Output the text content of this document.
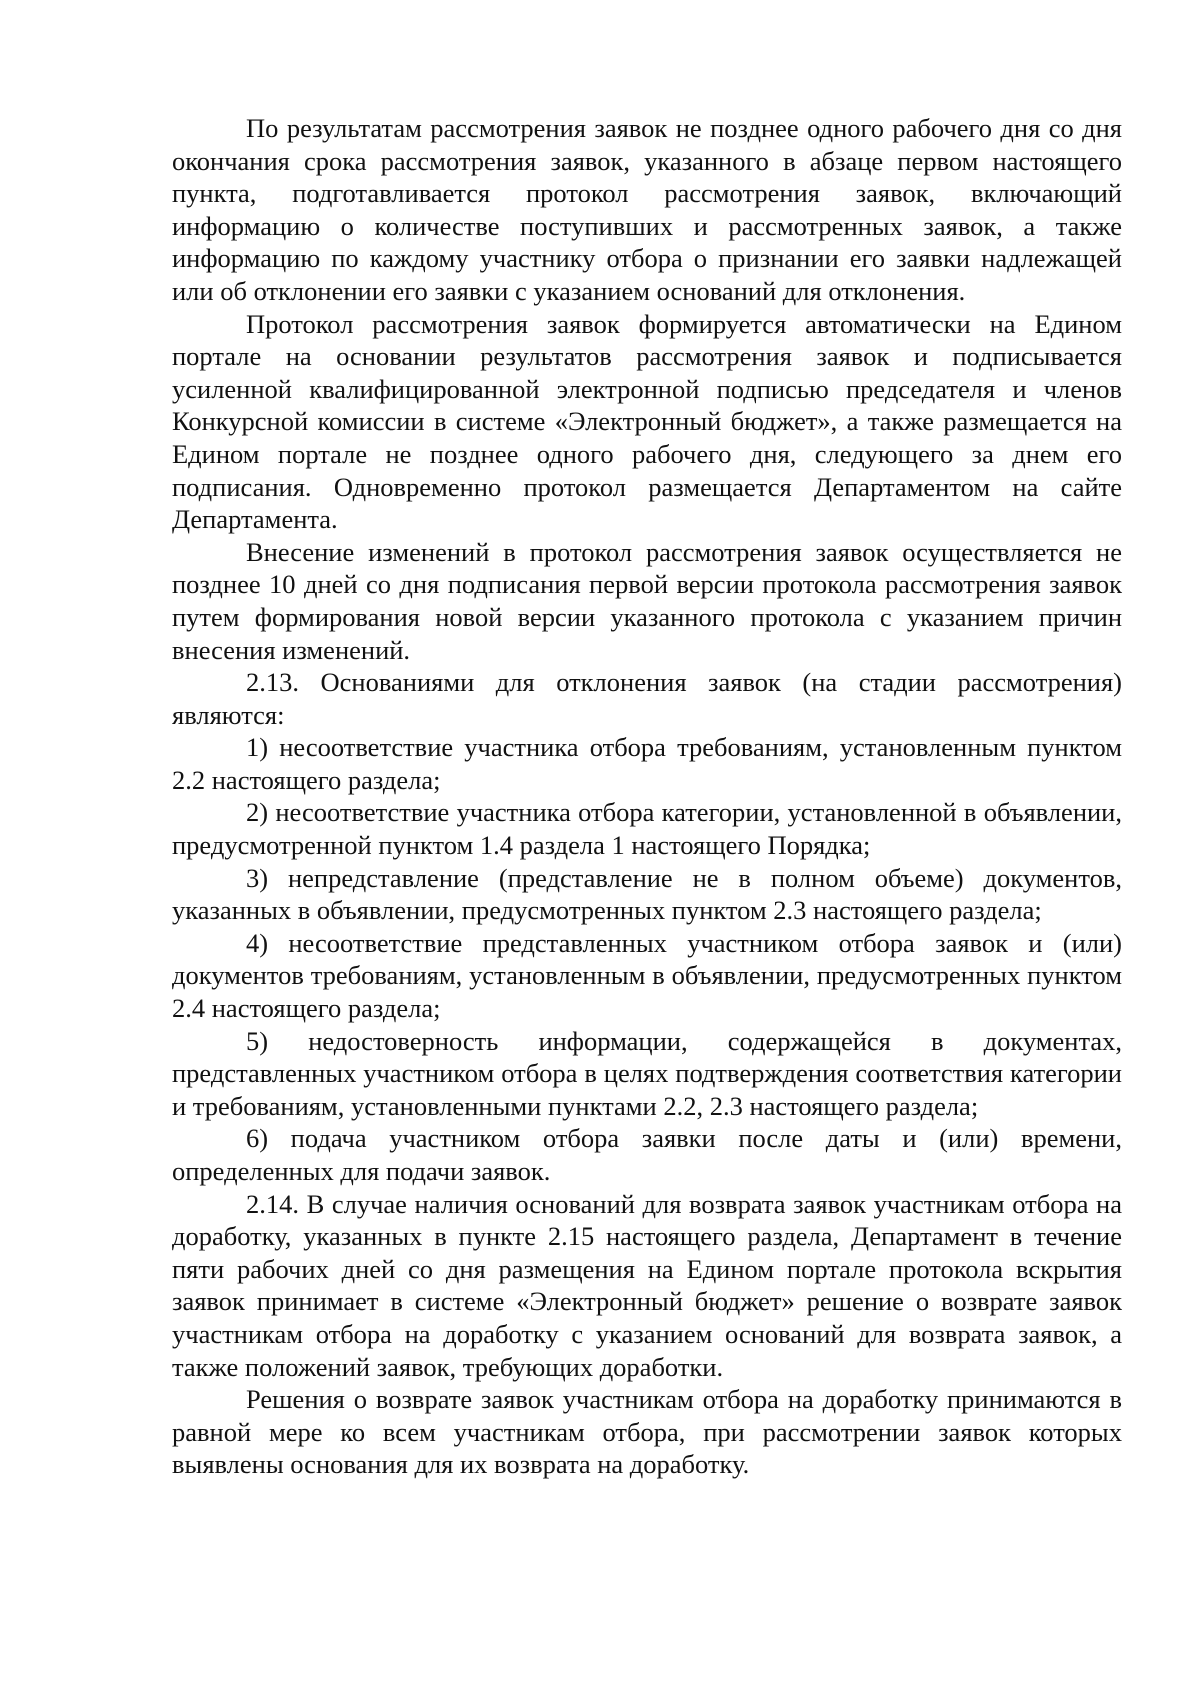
По результатам рассмотрения заявок не позднее одного рабочего дня со дня окончания срока рассмотрения заявок, указанного в абзаце первом настоящего пункта, подготавливается протокол рассмотрения заявок, включающий информацию о количестве поступивших и рассмотренных заявок, а также информацию по каждому участнику отбора о признании его заявки надлежащей или об отклонении его заявки с указанием оснований для отклонения.

Протокол рассмотрения заявок формируется автоматически на Едином портале на основании результатов рассмотрения заявок и подписывается усиленной квалифицированной электронной подписью председателя и членов Конкурсной комиссии в системе «Электронный бюджет», а также размещается на Едином портале не позднее одного рабочего дня, следующего за днем его подписания. Одновременно протокол размещается Департаментом на сайте Департамента.

Внесение изменений в протокол рассмотрения заявок осуществляется не позднее 10 дней со дня подписания первой версии протокола рассмотрения заявок путем формирования новой версии указанного протокола с указанием причин внесения изменений.

2.13. Основаниями для отклонения заявок (на стадии рассмотрения) являются:

1) несоответствие участника отбора требованиям, установленным пунктом 2.2 настоящего раздела;

2) несоответствие участника отбора категории, установленной в объявлении, предусмотренной пунктом 1.4 раздела 1 настоящего Порядка;

3) непредставление (представление не в полном объеме) документов, указанных в объявлении, предусмотренных пунктом 2.3 настоящего раздела;

4) несоответствие представленных участником отбора заявок и (или) документов требованиям, установленным в объявлении, предусмотренных пунктом 2.4 настоящего раздела;

5) недостоверность информации, содержащейся в документах, представленных участником отбора в целях подтверждения соответствия категории и требованиям, установленными пунктами 2.2, 2.3 настоящего раздела;

6) подача участником отбора заявки после даты и (или) времени, определенных для подачи заявок.

2.14. В случае наличия оснований для возврата заявок участникам отбора на доработку, указанных в пункте 2.15 настоящего раздела, Департамент в течение пяти рабочих дней со дня размещения на Едином портале протокола вскрытия заявок принимает в системе «Электронный бюджет» решение о возврате заявок участникам отбора на доработку с указанием оснований для возврата заявок, а также положений заявок, требующих доработки.

Решения о возврате заявок участникам отбора на доработку принимаются в равной мере ко всем участникам отбора, при рассмотрении заявок которых выявлены основания для их возврата на доработку.
